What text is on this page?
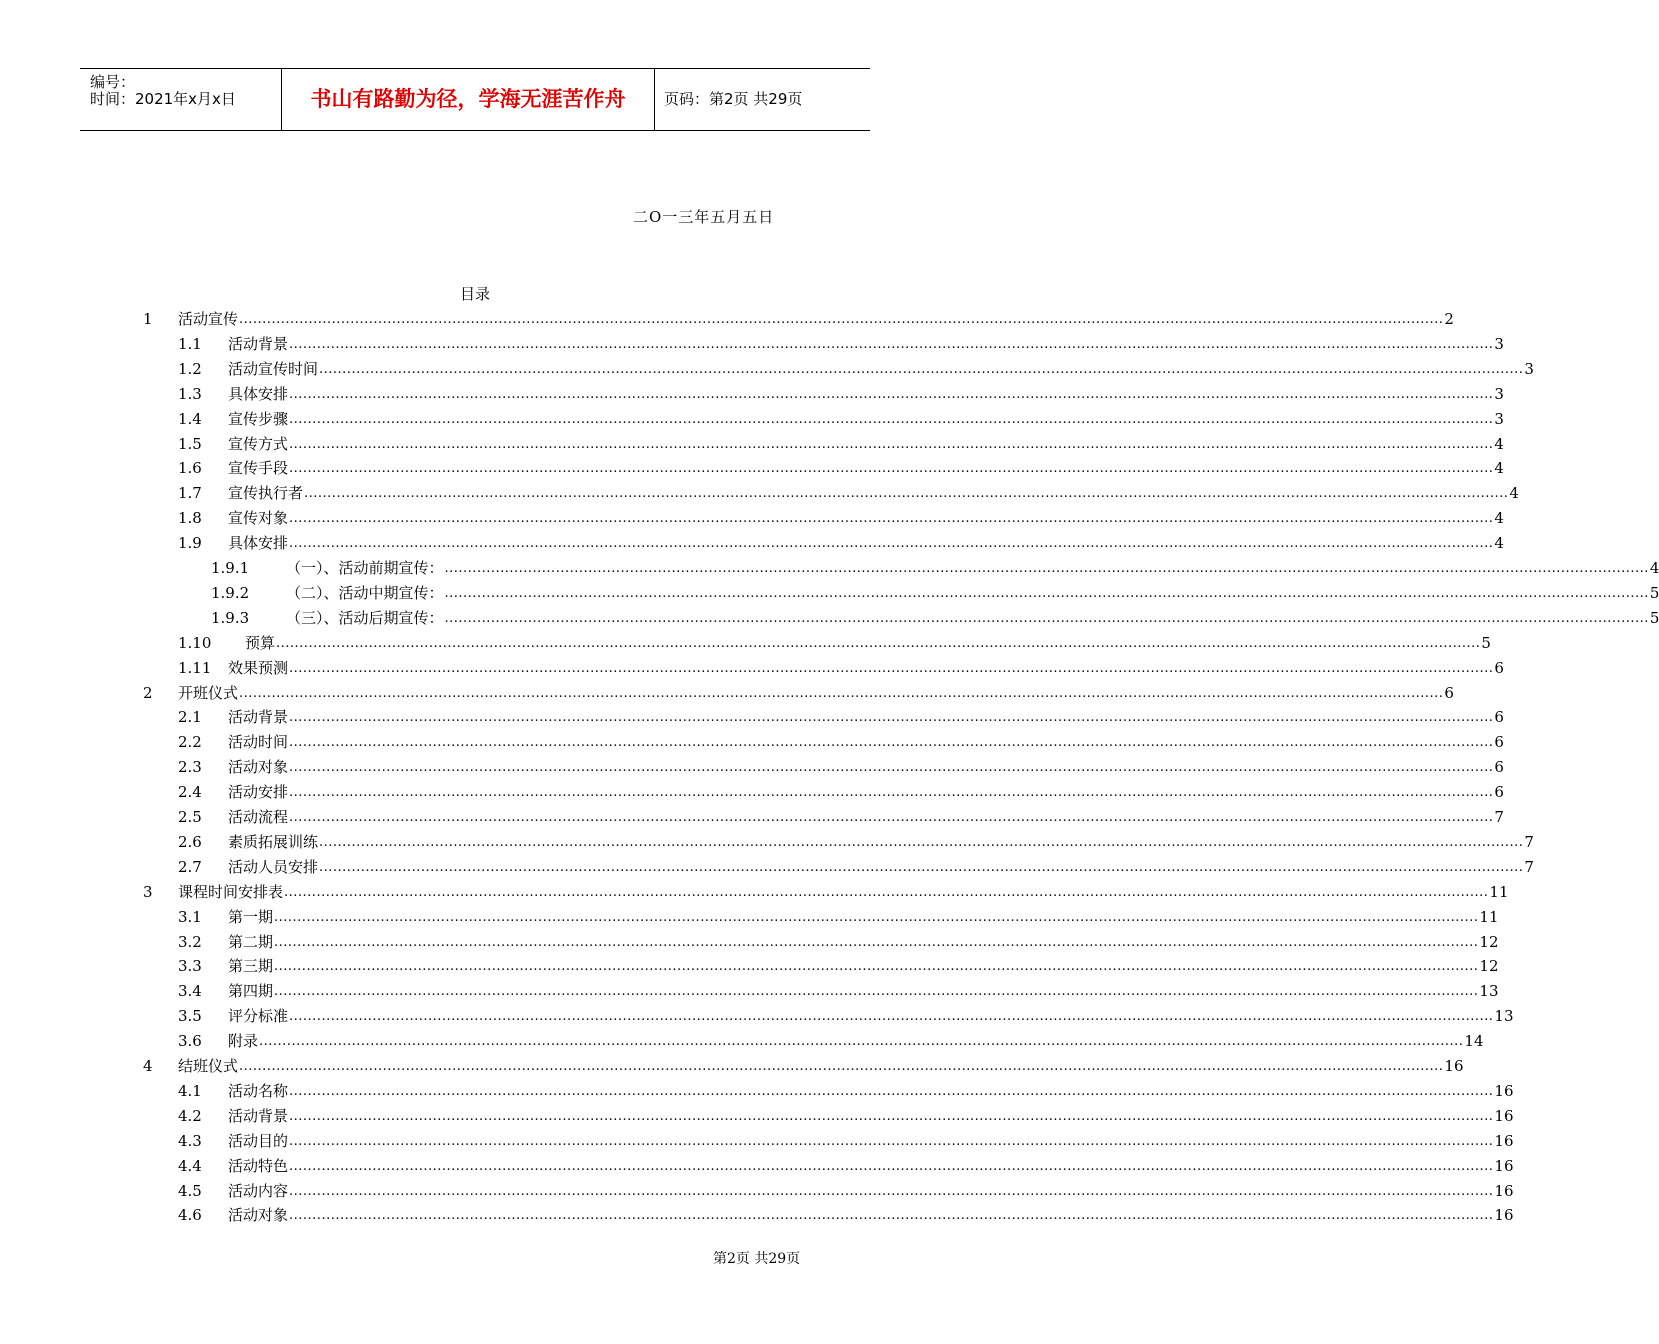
编号：
时间：2021年x月x日	书山有路勤为径，学海无涯苦作舟	页码：第2页 共29页
二O一三年五月五日
目录
1 活动宣传 .................................................................................................................................................................................................................................................................... 2
1.1 活动背景 .................................................................................................................................................................................................................................................................... 3
1.2 活动宣传时间 .................................................................................................................................................................................................................................................................... 3
1.3 具体安排 .................................................................................................................................................................................................................................................................... 3
1.4 宣传步骤 .................................................................................................................................................................................................................................................................... 3
1.5 宣传方式 .................................................................................................................................................................................................................................................................... 4
1.6 宣传手段 .................................................................................................................................................................................................................................................................... 4
1.7 宣传执行者 .................................................................................................................................................................................................................................................................... 4
1.8 宣传对象 .................................................................................................................................................................................................................................................................... 4
1.9 具体安排 .................................................................................................................................................................................................................................................................... 4
1.9.1 （一）、活动前期宣传： .................................................................................................................................................................................................................................................................... 4
1.9.2 （二）、活动中期宣传： .................................................................................................................................................................................................................................................................... 5
1.9.3 （三）、活动后期宣传： .................................................................................................................................................................................................................................................................... 5
1.10 预算 .................................................................................................................................................................................................................................................................... 5
1.11 效果预测 .................................................................................................................................................................................................................................................................... 6
2 开班仪式 .................................................................................................................................................................................................................................................................... 6
2.1 活动背景 .................................................................................................................................................................................................................................................................... 6
2.2 活动时间 .................................................................................................................................................................................................................................................................... 6
2.3 活动对象 .................................................................................................................................................................................................................................................................... 6
2.4 活动安排 .................................................................................................................................................................................................................................................................... 6
2.5 活动流程 .................................................................................................................................................................................................................................................................... 7
2.6 素质拓展训练 .................................................................................................................................................................................................................................................................... 7
2.7 活动人员安排 .................................................................................................................................................................................................................................................................... 7
3 课程时间安排表 .................................................................................................................................................................................................................................................................... 11
3.1 第一期 .................................................................................................................................................................................................................................................................... 11
3.2 第二期 .................................................................................................................................................................................................................................................................... 12
3.3 第三期 .................................................................................................................................................................................................................................................................... 12
3.4 第四期 .................................................................................................................................................................................................................................................................... 13
3.5 评分标准 .................................................................................................................................................................................................................................................................... 13
3.6 附录 .................................................................................................................................................................................................................................................................... 14
4 结班仪式 .................................................................................................................................................................................................................................................................... 16
4.1 活动名称 .................................................................................................................................................................................................................................................................... 16
4.2 活动背景 .................................................................................................................................................................................................................................................................... 16
4.3 活动目的 .................................................................................................................................................................................................................................................................... 16
4.4 活动特色 .................................................................................................................................................................................................................................................................... 16
4.5 活动内容 .................................................................................................................................................................................................................................................................... 16
4.6 活动对象 .................................................................................................................................................................................................................................................................... 16
第2页 共29页
